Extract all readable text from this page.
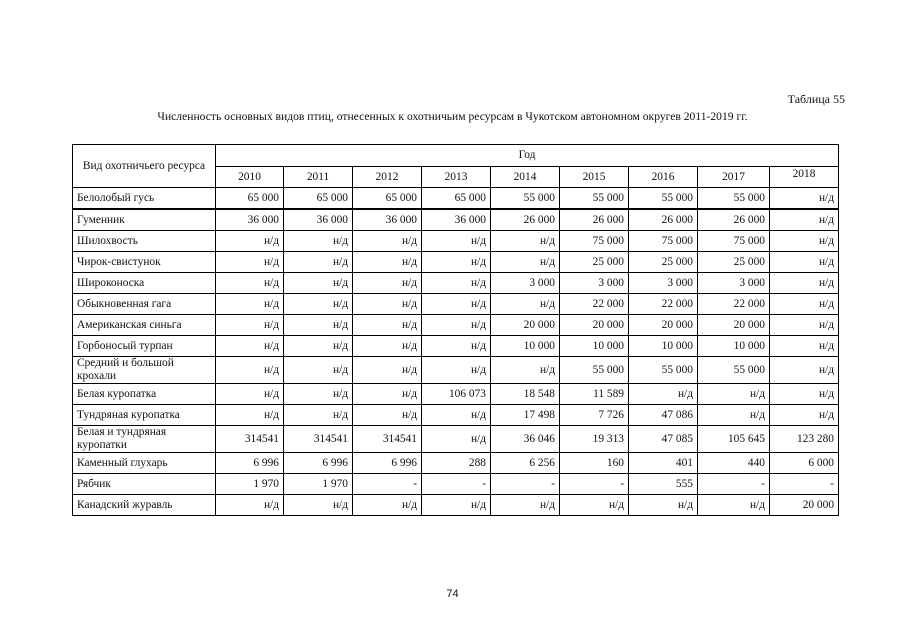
Таблица 55
Численность основных видов птиц, отнесенных к охотничьим ресурсам в Чукотском автономном округев 2011-2019 гг.
Вид охотничьего ресурса	Год								
	2010	2011	2012	2013	2014	2015	2016	2017	2018
Белолобый гусь	65 000	65 000	65 000	65 000	55 000	55 000	55 000	55 000	н/д
Гуменник	36 000	36 000	36 000	36 000	26 000	26 000	26 000	26 000	н/д
Шилохвость	н/д	н/д	н/д	н/д	н/д	75 000	75 000	75 000	н/д
Чирок-свистунок	н/д	н/д	н/д	н/д	н/д	25 000	25 000	25 000	н/д
Широконоска	н/д	н/д	н/д	н/д	3 000	3 000	3 000	3 000	н/д
Обыкновенная гага	н/д	н/д	н/д	н/д	н/д	22 000	22 000	22 000	н/д
Американская синьга	н/д	н/д	н/д	н/д	20 000	20 000	20 000	20 000	н/д
Горбоносый турпан	н/д	н/д	н/д	н/д	10 000	10 000	10 000	10 000	н/д
Средний и большой крохали	н/д	н/д	н/д	н/д	н/д	55 000	55 000	55 000	н/д
Белая куропатка	н/д	н/д	н/д	106 073	18 548	11 589	н/д	н/д	н/д
Тундряная куропатка	н/д	н/д	н/д	н/д	17 498	7 726	47 086	н/д	н/д
Белая и тундряная куропатки	314541	314541	314541	н/д	36 046	19 313	47 085	105 645	123 280
Каменный глухарь	6 996	6 996	6 996	288	6 256	160	401	440	6 000
Рябчик	1 970	1 970	-	-	-	-	555	-	-
Канадский журавль	н/д	н/д	н/д	н/д	н/д	н/д	н/д	н/д	20 000
74
